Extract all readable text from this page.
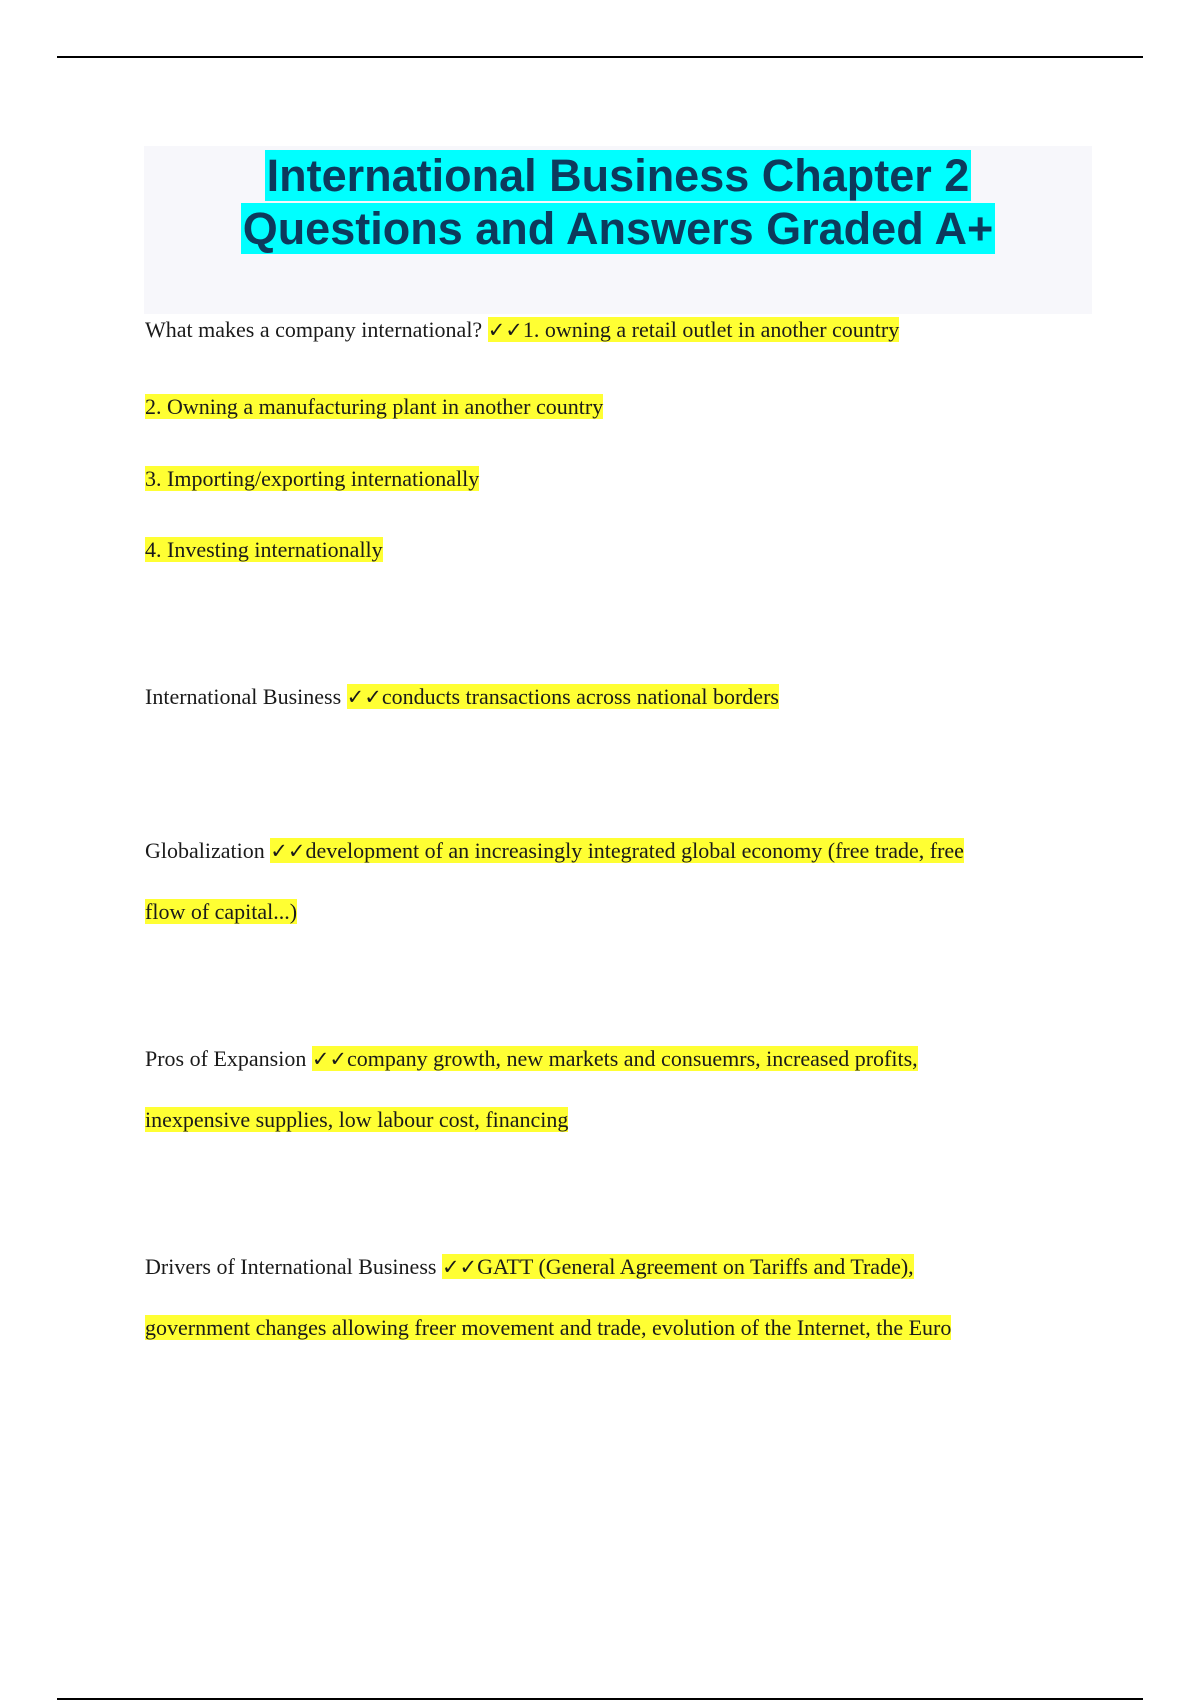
International Business Chapter 2
Questions and Answers Graded A+
What makes a company international? ✓✓1. owning a retail outlet in another country
2. Owning a manufacturing plant in another country
3. Importing/exporting internationally
4. Investing internationally
International Business ✓✓conducts transactions across national borders
Globalization ✓✓development of an increasingly integrated global economy (free trade, free
flow of capital...)
Pros of Expansion ✓✓company growth, new markets and consuemrs, increased profits,
inexpensive supplies, low labour cost, financing
Drivers of International Business ✓✓GATT (General Agreement on Tariffs and Trade),
government changes allowing freer movement and trade, evolution of the Internet, the Euro
